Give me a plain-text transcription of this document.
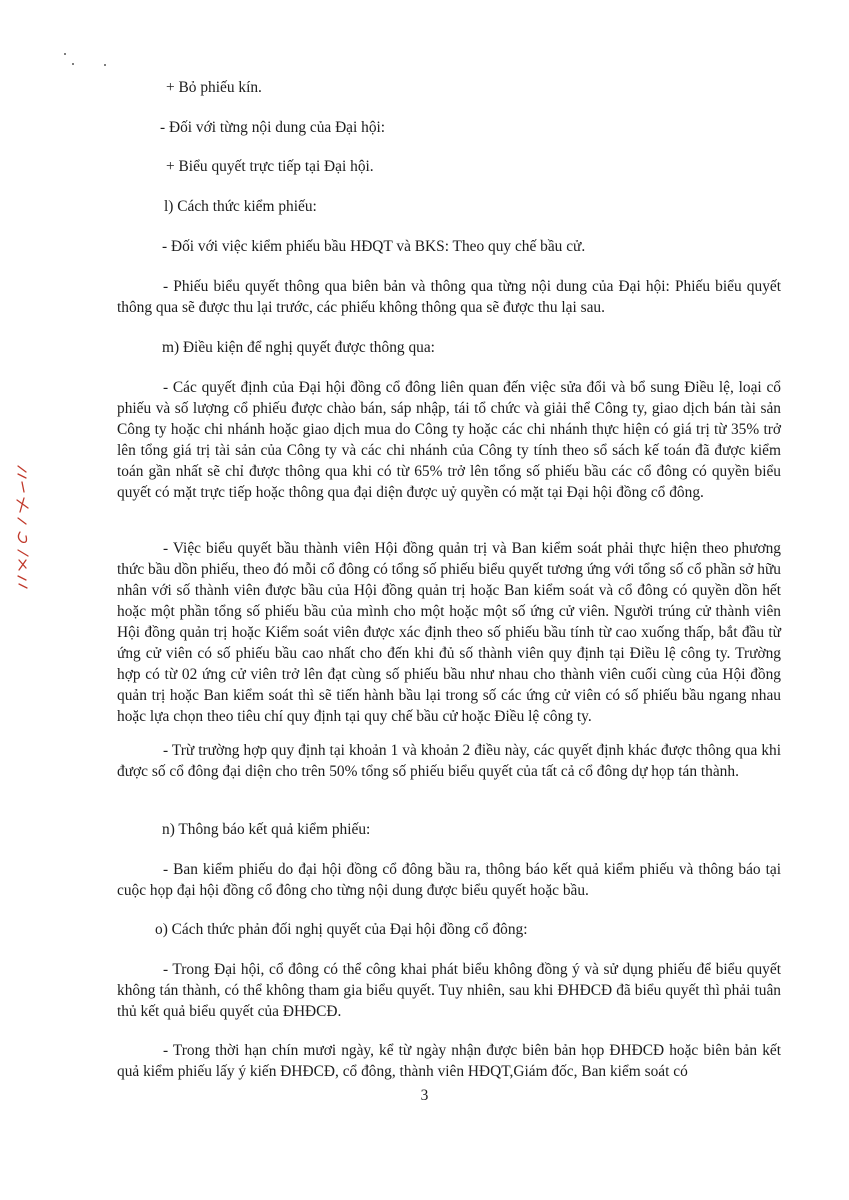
+ Bỏ phiếu kín.
- Đối với từng nội dung của Đại hội:
+ Biểu quyết trực tiếp tại Đại hội.
l) Cách thức kiểm phiếu:
- Đối với việc kiểm phiếu bầu HĐQT và BKS: Theo quy chế bầu cử.
- Phiếu biểu quyết thông qua biên bản và thông qua từng nội dung của Đại hội: Phiếu biểu quyết thông qua sẽ được thu lại trước, các phiếu không thông qua sẽ được thu lại sau.
m) Điều kiện để nghị quyết được thông qua:
- Các quyết định của Đại hội đồng cổ đông liên quan đến việc sửa đổi và bổ sung Điều lệ, loại cổ phiếu và số lượng cổ phiếu được chào bán, sáp nhập, tái tổ chức và giải thể Công ty, giao dịch bán tài sản Công ty hoặc chi nhánh hoặc giao dịch mua do Công ty hoặc các chi nhánh thực hiện có giá trị từ 35% trở lên tổng giá trị tài sản của Công ty và các chi nhánh của Công ty tính theo sổ sách kế toán đã được kiểm toán gần nhất sẽ chỉ được thông qua khi có từ 65% trở lên tổng số phiếu bầu các cổ đông có quyền biểu quyết có mặt trực tiếp hoặc thông qua đại diện được uỷ quyền có mặt tại Đại hội đồng cổ đông.
- Việc biểu quyết bầu thành viên Hội đồng quản trị và Ban kiểm soát phải thực hiện theo phương thức bầu dồn phiếu, theo đó mỗi cổ đông có tổng số phiếu biểu quyết tương ứng với tổng số cổ phần sở hữu nhân với số thành viên được bầu của Hội đồng quản trị hoặc Ban kiểm soát và cổ đông có quyền dồn hết hoặc một phần tổng số phiếu bầu của mình cho một hoặc một số ứng cử viên. Người trúng cử thành viên Hội đồng quản trị hoặc Kiểm soát viên được xác định theo số phiếu bầu tính từ cao xuống thấp, bắt đầu từ ứng cử viên có số phiếu bầu cao nhất cho đến khi đủ số thành viên quy định tại Điều lệ công ty. Trường hợp có từ 02 ứng cử viên trở lên đạt cùng số phiếu bầu như nhau cho thành viên cuối cùng của Hội đồng quản trị hoặc Ban kiểm soát thì sẽ tiến hành bầu lại trong số các ứng cử viên có số phiếu bầu ngang nhau hoặc lựa chọn theo tiêu chí quy định tại quy chế bầu cử hoặc Điều lệ công ty.
- Trừ trường hợp quy định tại khoản 1 và khoản 2 điều này, các quyết định khác được thông qua khi được số cổ đông đại diện cho trên 50% tổng số phiếu biểu quyết của tất cả cổ đông dự họp tán thành.
n) Thông báo kết quả kiểm phiếu:
- Ban kiểm phiếu do đại hội đồng cổ đông bầu ra, thông báo kết quả kiểm phiếu và thông báo tại cuộc họp đại hội đồng cổ đông cho từng nội dung được biểu quyết hoặc bầu.
o) Cách thức phản đối nghị quyết của Đại hội đồng cổ đông:
- Trong Đại hội, cổ đông có thể công khai phát biểu không đồng ý và sử dụng phiếu để biểu quyết không tán thành, có thể không tham gia biểu quyết. Tuy nhiên, sau khi ĐHĐCĐ đã biểu quyết thì phải tuân thủ kết quả biểu quyết của ĐHĐCĐ.
- Trong thời hạn chín mươi ngày, kể từ ngày nhận được biên bản họp ĐHĐCĐ hoặc biên bản kết quả kiểm phiếu lấy ý kiến ĐHĐCĐ, cổ đông, thành viên HĐQT,Giám đốc, Ban kiểm soát có
3
